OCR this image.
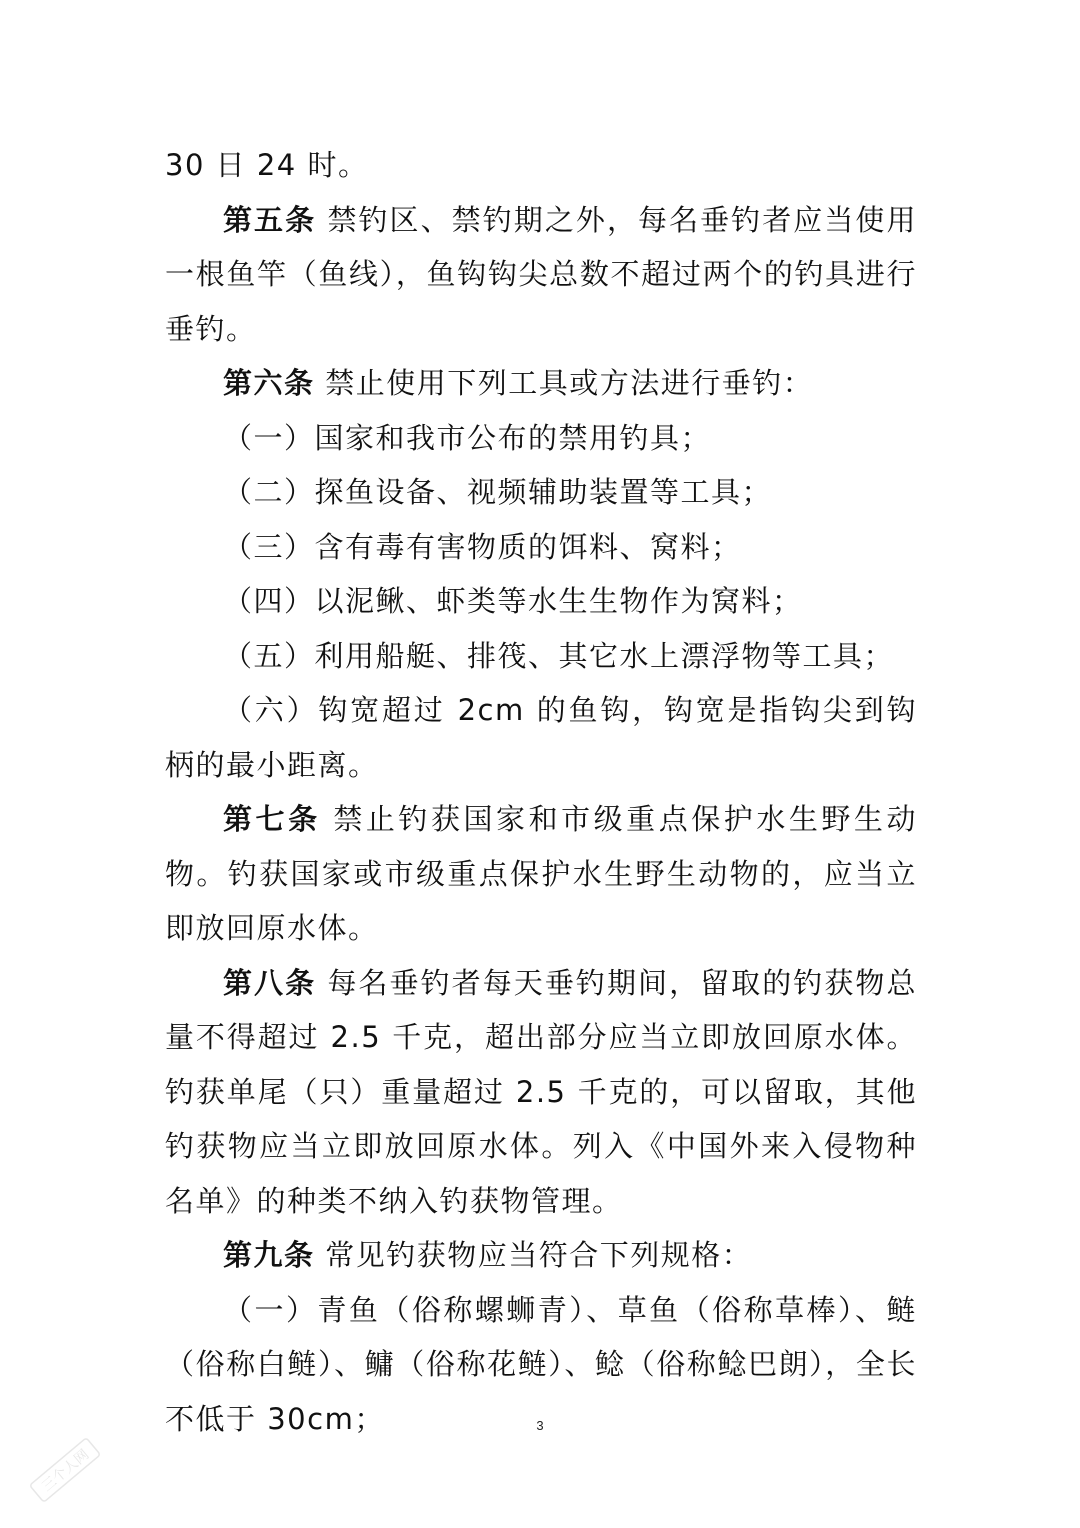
30 日 24 时。

第五条 禁钓区、禁钓期之外，每名垂钓者应当使用一根鱼竿（鱼线），鱼钩钩尖总数不超过两个的钓具进行垂钓。

第六条 禁止使用下列工具或方法进行垂钓：

（一）国家和我市公布的禁用钓具；

（二）探鱼设备、视频辅助装置等工具；

（三）含有毒有害物质的饵料、窝料；

（四）以泥鳅、虾类等水生生物作为窝料；

（五）利用船艇、排筏、其它水上漂浮物等工具；

（六）钩宽超过 2cm 的鱼钩，钩宽是指钩尖到钩柄的最小距离。

第七条 禁止钓获国家和市级重点保护水生野生动物。钓获国家或市级重点保护水生野生动物的，应当立即放回原水体。

第八条 每名垂钓者每天垂钓期间，留取的钓获物总量不得超过 2.5 千克，超出部分应当立即放回原水体。钓获单尾（只）重量超过 2.5 千克的，可以留取，其他钓获物应当立即放回原水体。列入《中国外来入侵物种名单》的种类不纳入钓获物管理。

第九条 常见钓获物应当符合下列规格：

（一）青鱼（俗称螺蛳青）、草鱼（俗称草棒）、鲢（俗称白鲢）、鳙（俗称花鲢）、鲶（俗称鲶巴朗），全长不低于 30cm；	3
三个人网
